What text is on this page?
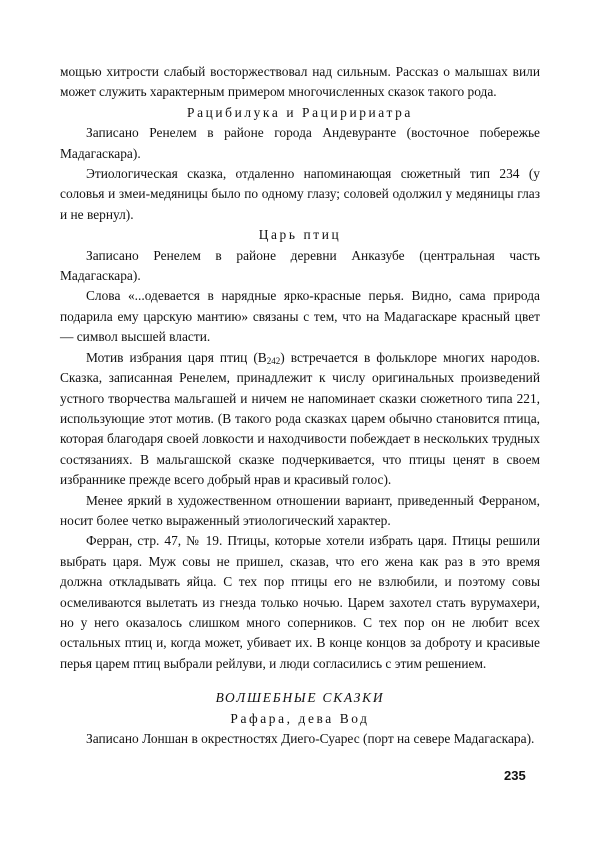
мощью хитрости слабый восторжествовал над сильным. Рассказ о малышах вили может служить характерным примером многочисленных сказок такого рода.

Рацибилука и Рациририатра

Записано Ренелем в районе города Андевуранте (восточное побережье Мадагаскара).

Этиологическая сказка, отдаленно напоминающая сюжетный тип 234 (у соловья и змеи-медяницы было по одному глазу; соловей одолжил у медяницы глаз и не вернул).

Царь птиц

Записано Ренелем в районе деревни Анказубе (центральная часть Мадагаскара).

Слова «...одевается в нарядные ярко-красные перья. Видно, сама природа подарила ему царскую мантию» связаны с тем, что на Мадагаскаре красный цвет — символ высшей власти.

Мотив избрания царя птиц $(B_{242})$ встречается в фольклоре многих народов. Сказка, записанная Ренелем, принадлежит к числу оригинальных произведений устного творчества мальгашей и ничем не напоминает сказки сюжетного типа 221, использующие этот мотив. (В такого рода сказках царем обычно становится птица, которая благодаря своей ловкости и находчивости побеждает в нескольких трудных состязаниях. В мальгашской сказке подчеркивается, что птицы ценят в своем избраннике прежде всего добрый нрав и красивый голос).

Менее яркий в художественном отношении вариант, приведенный Ферраном, носит более четко выраженный этиологический характер.

Ферран, стр. 47, № 19. Птицы, которые хотели избрать царя. Птицы решили выбрать царя. Муж совы не пришел, сказав, что его жена как раз в это время должна откладывать яйца. С тех пор птицы его не взлюбили, и поэтому совы осмеливаются вылетать из гнезда только ночью. Царем захотел стать вурумахери, но у него оказалось слишком много соперников. С тех пор он не любит всех остальных птиц и, когда может, убивает их. В конце концов за доброту и красивые перья царем птиц выбрали рейлуви, и люди согласились с этим решением.

ВОЛШЕБНЫЕ СКАЗКИ

Рафара, дева Вод

Записано Лоншан в окрестностях Диего-Суарес (порт на севере Мадагаскара).

235
